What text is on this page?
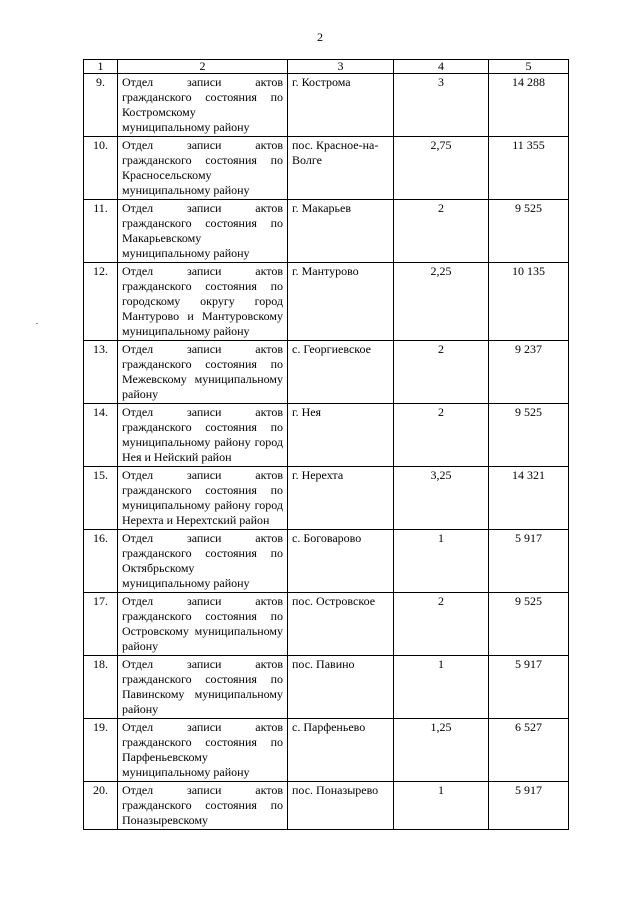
2
1	2	3	4	5
9.	Отдел записи актов гражданского состояния по Костромскому муниципальному району	г. Кострома	3	14 288
10.	Отдел записи актов гражданского состояния по Красносельскому муниципальному району	пос. Красное-на-Волге	2,75	11 355
11.	Отдел записи актов гражданского состояния по Макарьевскому муниципальному району	г. Макарьев	2	9 525
12.	Отдел записи актов гражданского состояния по городскому округу город Мантурово и Мантуровскому муниципальному району	г. Мантурово	2,25	10 135
13.	Отдел записи актов гражданского состояния по Межевскому муниципальному району	с. Георгиевское	2	9 237
14.	Отдел записи актов гражданского состояния по муниципальному району город Нея и Нейский район	г. Нея	2	9 525
15.	Отдел записи актов гражданского состояния по муниципальному району город Нерехта и Нерехтский район	г. Нерехта	3,25	14 321
16.	Отдел записи актов гражданского состояния по Октябрьскому муниципальному району	с. Боговарово	1	5 917
17.	Отдел записи актов гражданского состояния по Островскому муниципальному району	пос. Островское	2	9 525
18.	Отдел записи актов гражданского состояния по Павинскому муниципальному району	пос. Павино	1	5 917
19.	Отдел записи актов гражданского состояния по Парфеньевскому муниципальному району	с. Парфеньево	1,25	6 527
20.	Отдел записи актов гражданского состояния по Поназыревскому	пос. Поназырево	1	5 917
